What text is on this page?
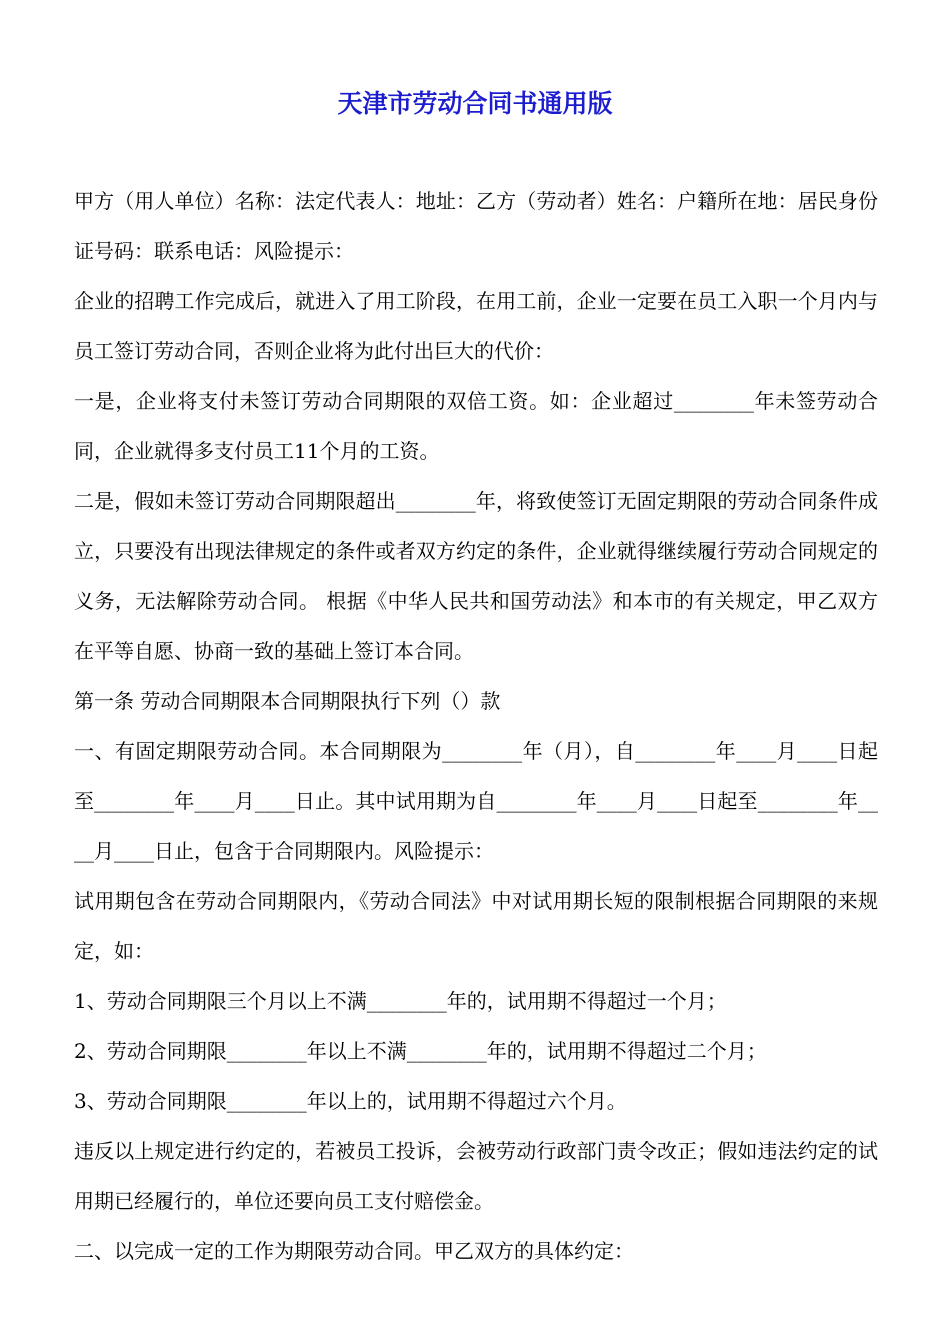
天津市劳动合同书通用版

甲方（用人单位）名称：法定代表人：地址：乙方（劳动者）姓名：户籍所在地：居民身份证号码：联系电话：风险提示：

企业的招聘工作完成后，就进入了用工阶段，在用工前，企业一定要在员工入职一个月内与员工签订劳动合同，否则企业将为此付出巨大的代价：

一是，企业将支付未签订劳动合同期限的双倍工资。如：企业超过________年未签劳动合同，企业就得多支付员工11个月的工资。

二是，假如未签订劳动合同期限超出________年，将致使签订无固定期限的劳动合同条件成立，只要没有出现法律规定的条件或者双方约定的条件，企业就得继续履行劳动合同规定的义务，无法解除劳动合同。 根据《中华人民共和国劳动法》和本市的有关规定，甲乙双方在平等自愿、协商一致的基础上签订本合同。

第一条 劳动合同期限本合同期限执行下列（）款

一、有固定期限劳动合同。本合同期限为________年（月），自________年____月____日起至________年____月____日止。其中试用期为自________年____月____日起至________年____月____日止，包含于合同期限内。风险提示：

试用期包含在劳动合同期限内，《劳动合同法》中对试用期长短的限制根据合同期限的来规定，如：

1、劳动合同期限三个月以上不满________年的，试用期不得超过一个月；

2、劳动合同期限________年以上不满________年的，试用期不得超过二个月；

3、劳动合同期限________年以上的，试用期不得超过六个月。

违反以上规定进行约定的，若被员工投诉，会被劳动行政部门责令改正；假如违法约定的试用期已经履行的，单位还要向员工支付赔偿金。

二、以完成一定的工作为期限劳动合同。甲乙双方的具体约定：
